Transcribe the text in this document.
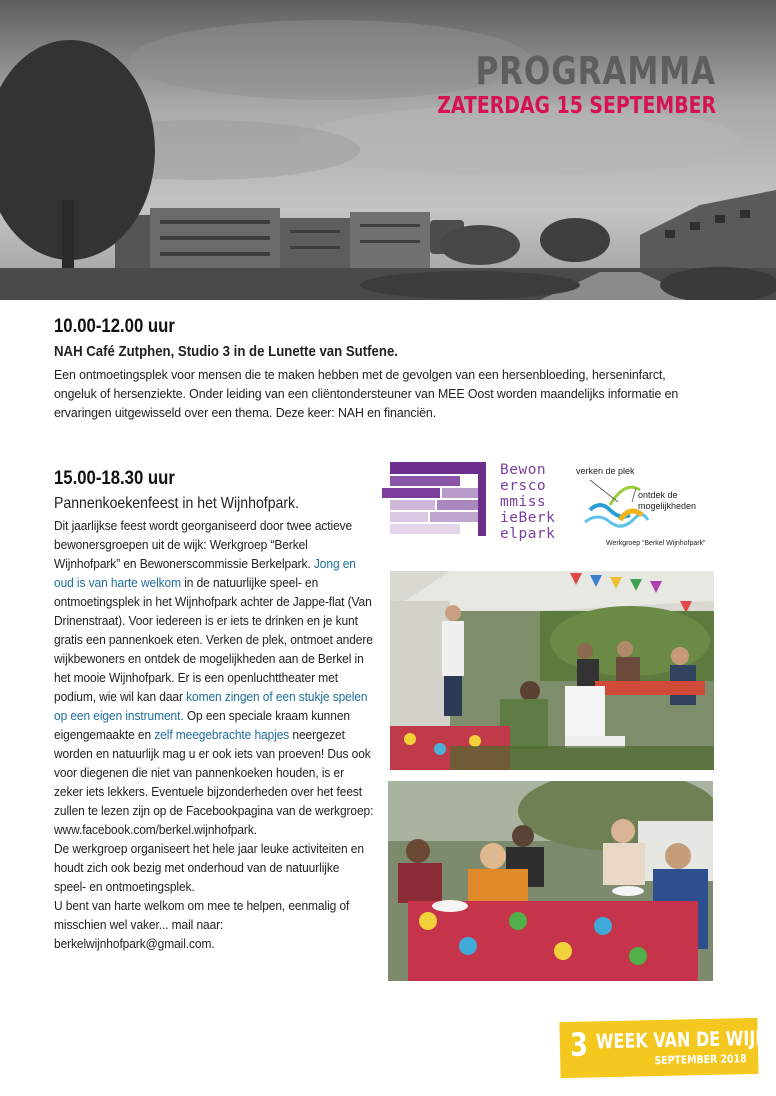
PROGRAMMA
ZATERDAG 15 SEPTEMBER
10.00-12.00 uur
NAH Café Zutphen, Studio 3 in de Lunette van Sutfene.
Een ontmoetingsplek voor mensen die te maken hebben met de gevolgen van een hersenbloeding, herseninfarct, ongeluk of hersenziekte. Onder leiding van een cliëntondersteuner van MEE Oost worden maandelijks informatie en ervaringen uitgewisseld over een thema. Deze keer: NAH en financiën.
15.00-18.30 uur
Pannenkoekenfeest in het Wijnhofpark.
Dit jaarlijkse feest wordt georganiseerd door twee actieve bewonersgroepen uit de wijk: Werkgroep “Berkel Wijnhofpark” en Bewonerscommissie Berkelpark. Jong en oud is van harte welkom in de natuurlijke speel- en ontmoetingsplek in het Wijnhofpark achter de Jappe-flat (Van Drinenstraat). Voor iedereen is er iets te drinken en je kunt gratis een pannenkoek eten. Verken de plek, ontmoet andere wijkbewoners en ontdek de mogelijkheden aan de Berkel in het mooie Wijnhofpark. Er is een openluchttheater met podium, wie wil kan daar komen zingen of een stukje spelen op een eigen instrument. Op een speciale kraam kunnen eigengemaakte en zelf meegebrachte hapjes neergezet worden en natuurlijk mag u er ook iets van proeven! Dus ook voor diegenen die niet van pannenkoeken houden, is er zeker iets lekkers. Eventuele bijzonderheden over het feest zullen te lezen zijn op de Facebookpagina van de werkgroep: www.facebook.com/berkel.wijnhofpark.
De werkgroep organiseert het hele jaar leuke activiteiten en houdt zich ook bezig met onderhoud van de natuurlijke speel- en ontmoetingsplek.
U bent van harte welkom om mee te helpen, eenmalig of misschien wel vaker... mail naar: berkelwijnhofpark@gmail.com.
Bewon
ersco
mmiss
ieBerk
elpark
verken de plek
ontdek de mogelijkheden
Werkgroep “Berkel Wijnhofpark”
3 WEEK VAN DE WIJK
SEPTEMBER 2018
